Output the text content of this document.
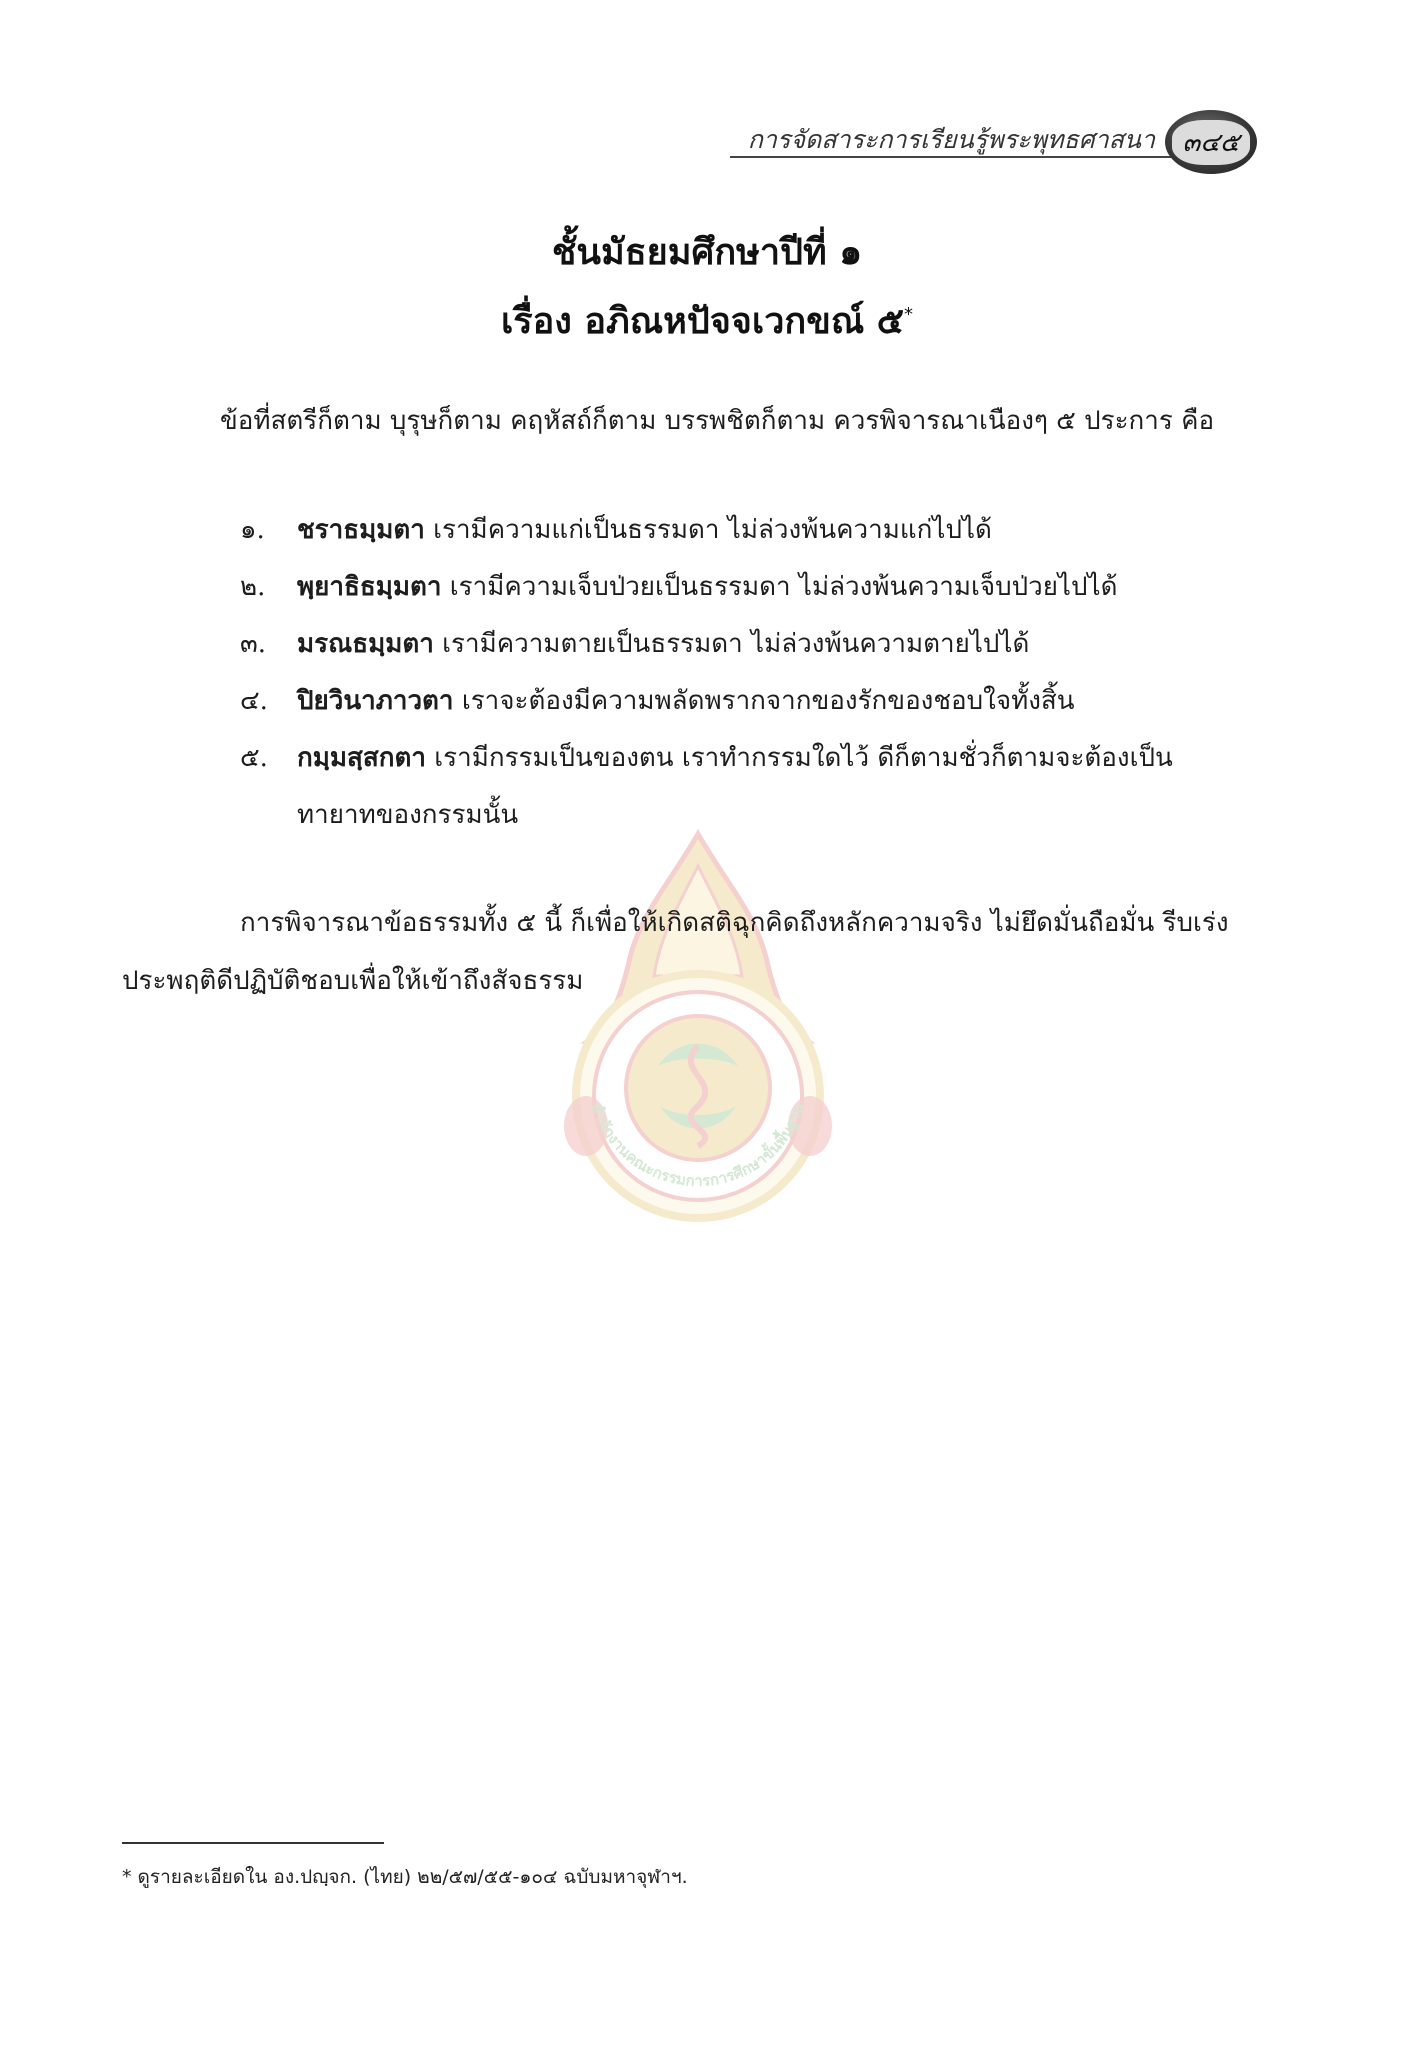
การจัดสาระการเรียนรู้พระพุทธศาสนา	๓๔๕
ชั้นมัธยมศึกษาปีที่ ๑
เรื่อง อภิณหปัจจเวกขณ์ ๕*
ข้อที่สตรีก็ตาม บุรุษก็ตาม คฤหัสถ์ก็ตาม บรรพชิตก็ตาม ควรพิจารณาเนืองๆ ๕ ประการ คือ
๑.	ชราธมฺมตา เรามีความแก่เป็นธรรมดา ไม่ล่วงพ้นความแก่ไปได้
๒.	พฺยาธิธมฺมตา เรามีความเจ็บป่วยเป็นธรรมดา ไม่ล่วงพ้นความเจ็บป่วยไปได้
๓.	มรณธมฺมตา เรามีความตายเป็นธรรมดา ไม่ล่วงพ้นความตายไปได้
๔.	ปิยวินาภาวตา เราจะต้องมีความพลัดพรากจากของรักของชอบใจทั้งสิ้น
๕.	กมฺมสฺสกตา เรามีกรรมเป็นของตน เราทำกรรมใดไว้ ดีก็ตามชั่วก็ตามจะต้องเป็นทายาทของกรรมนั้น
สำนักงานคณะกรรมการการศึกษาขั้นพื้นฐาน
การพิจารณาข้อธรรมทั้ง ๕ นี้ ก็เพื่อให้เกิดสติฉุกคิดถึงหลักความจริง ไม่ยึดมั่นถือมั่น รีบเร่งประพฤติดีปฏิบัติชอบเพื่อให้เข้าถึงสัจธรรม
* ดูรายละเอียดใน อง.ปญฺจก. (ไทย) ๒๒/๕๗/๕๕-๑๐๔ ฉบับมหาจุฬาฯ.
